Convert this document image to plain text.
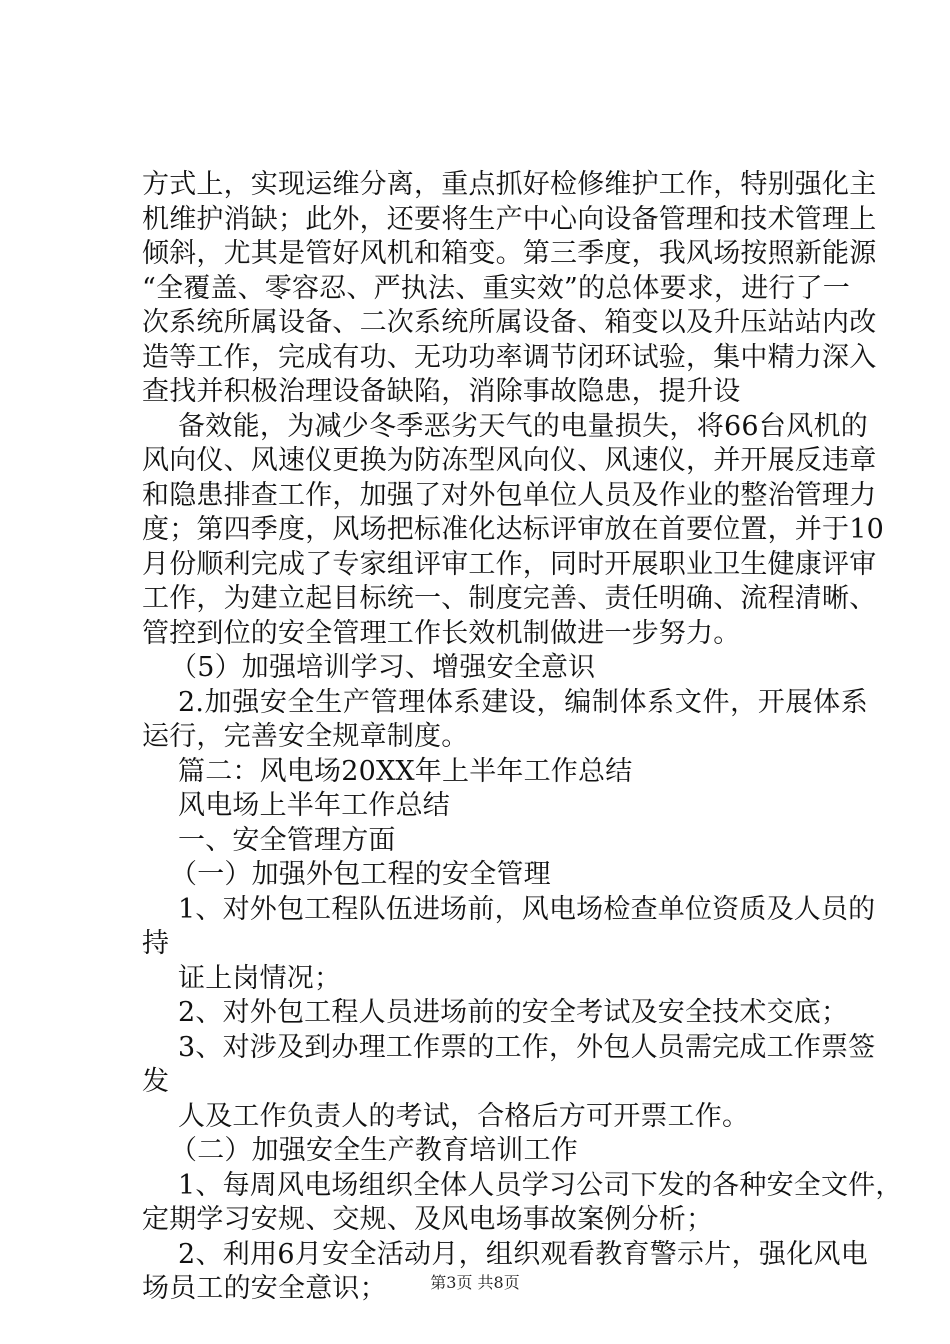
方式上，实现运维分离，重点抓好检修维护工作，特别强化主
机维护消缺；此外，还要将生产中心向设备管理和技术管理上
倾斜，尤其是管好风机和箱变。第三季度，我风场按照新能源
“全覆盖、零容忍、严执法、重实效”的总体要求，进行了一
次系统所属设备、二次系统所属设备、箱变以及升压站站内改
造等工作，完成有功、无功功率调节闭环试验，集中精力深入
查找并积极治理设备缺陷，消除事故隐患，提升设
备效能，为减少冬季恶劣天气的电量损失，将66台风机的
风向仪、风速仪更换为防冻型风向仪、风速仪，并开展反违章
和隐患排查工作，加强了对外包单位人员及作业的整治管理力
度；第四季度，风场把标准化达标评审放在首要位置，并于10
月份顺利完成了专家组评审工作，同时开展职业卫生健康评审
工作，为建立起目标统一、制度完善、责任明确、流程清晰、
管控到位的安全管理工作长效机制做进一步努力。
（5）加强培训学习、增强安全意识
2.加强安全生产管理体系建设，编制体系文件，开展体系
运行，完善安全规章制度。
篇二：风电场20XX年上半年工作总结
风电场上半年工作总结
一、安全管理方面
（一）加强外包工程的安全管理
1、对外包工程队伍进场前，风电场检查单位资质及人员的
持
证上岗情况；
2、对外包工程人员进场前的安全考试及安全技术交底；
3、对涉及到办理工作票的工作，外包人员需完成工作票签
发
人及工作负责人的考试，合格后方可开票工作。
（二）加强安全生产教育培训工作
1、每周风电场组织全体人员学习公司下发的各种安全文件，
定期学习安规、交规、及风电场事故案例分析；
2、利用6月安全活动月，组织观看教育警示片，强化风电
场员工的安全意识；	第3页 共8页
